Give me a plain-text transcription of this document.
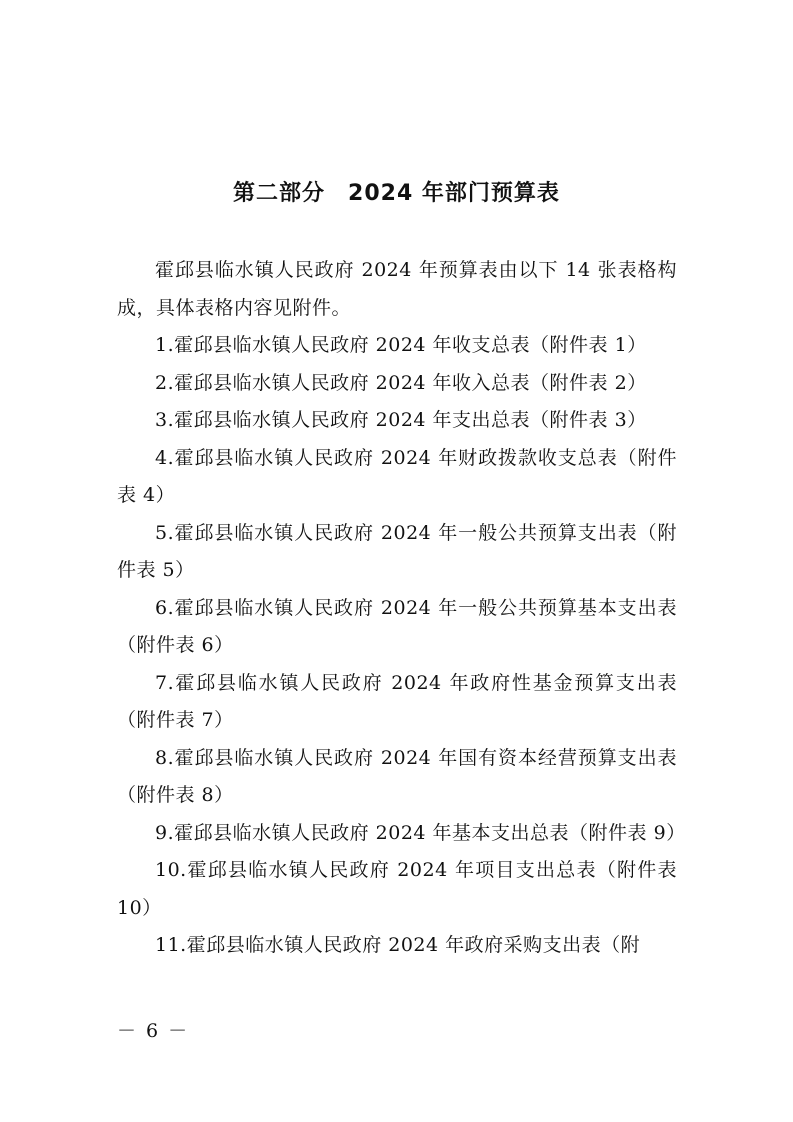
第二部分　2024 年部门预算表

霍邱县临水镇人民政府 2024 年预算表由以下 14 张表格构成，具体表格内容见附件。

1.霍邱县临水镇人民政府 2024 年收支总表（附件表 1）

2.霍邱县临水镇人民政府 2024 年收入总表（附件表 2）

3.霍邱县临水镇人民政府 2024 年支出总表（附件表 3）

4.霍邱县临水镇人民政府 2024 年财政拨款收支总表（附件表 4）

5.霍邱县临水镇人民政府 2024 年一般公共预算支出表（附件表 5）

6.霍邱县临水镇人民政府 2024 年一般公共预算基本支出表（附件表 6）

7.霍邱县临水镇人民政府 2024 年政府性基金预算支出表（附件表 7）

8.霍邱县临水镇人民政府 2024 年国有资本经营预算支出表（附件表 8）

9.霍邱县临水镇人民政府 2024 年基本支出总表（附件表 9）

10.霍邱县临水镇人民政府 2024 年项目支出总表（附件表 10）

11.霍邱县临水镇人民政府 2024 年政府采购支出表（附

－ 6 －
